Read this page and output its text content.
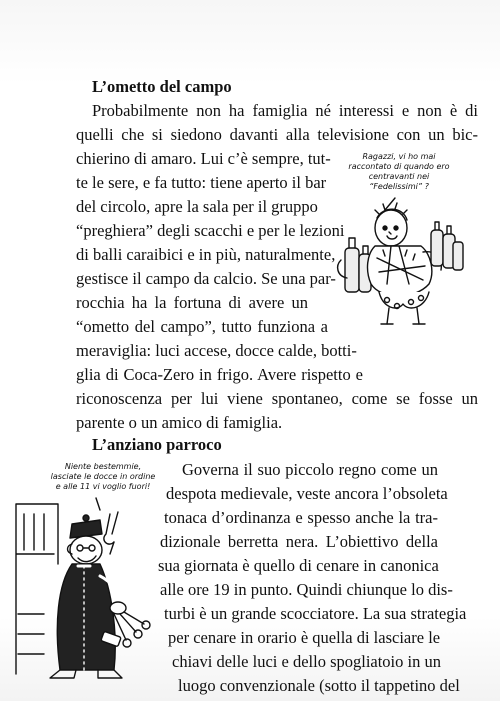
L’ometto del campo
Probabilmente non ha famiglia né interessi e non è di
quelli che si siedono davanti alla televisione con un bic-
chierino di amaro. Lui c’è sempre, tut-
te le sere, e fa tutto: tiene aperto il bar
del circolo, apre la sala per il gruppo
“preghiera” degli scacchi e per le lezioni
di balli caraibici e in più, naturalmente,
gestisce il campo da calcio. Se una par-
rocchia ha la fortuna di avere un
“ometto del campo”, tutto funziona a
meraviglia: luci accese, docce calde, botti-
glia di Coca-Zero in frigo. Avere rispetto e
riconoscenza per lui viene spontaneo, come se fosse un
parente o un amico di famiglia.
Ragazzi, vi ho mai
raccontato di quando ero
centravanti nei
“Fedelissimi” ?
L’anziano parroco
Governa il suo piccolo regno come un
despota medievale, veste ancora l’obsoleta
tonaca d’ordinanza e spesso anche la tra-
dizionale berretta nera. L’obiettivo della
sua giornata è quello di cenare in canonica
alle ore 19 in punto. Quindi chiunque lo dis-
turbi è un grande scocciatore. La sua strategia
per cenare in orario è quella di lasciare le
chiavi delle luci e dello spogliatoio in un
luogo convenzionale (sotto il tappetino del
Niente bestemmie,
lasciate le docce in ordine
e alle 11 vi voglio fuori!
